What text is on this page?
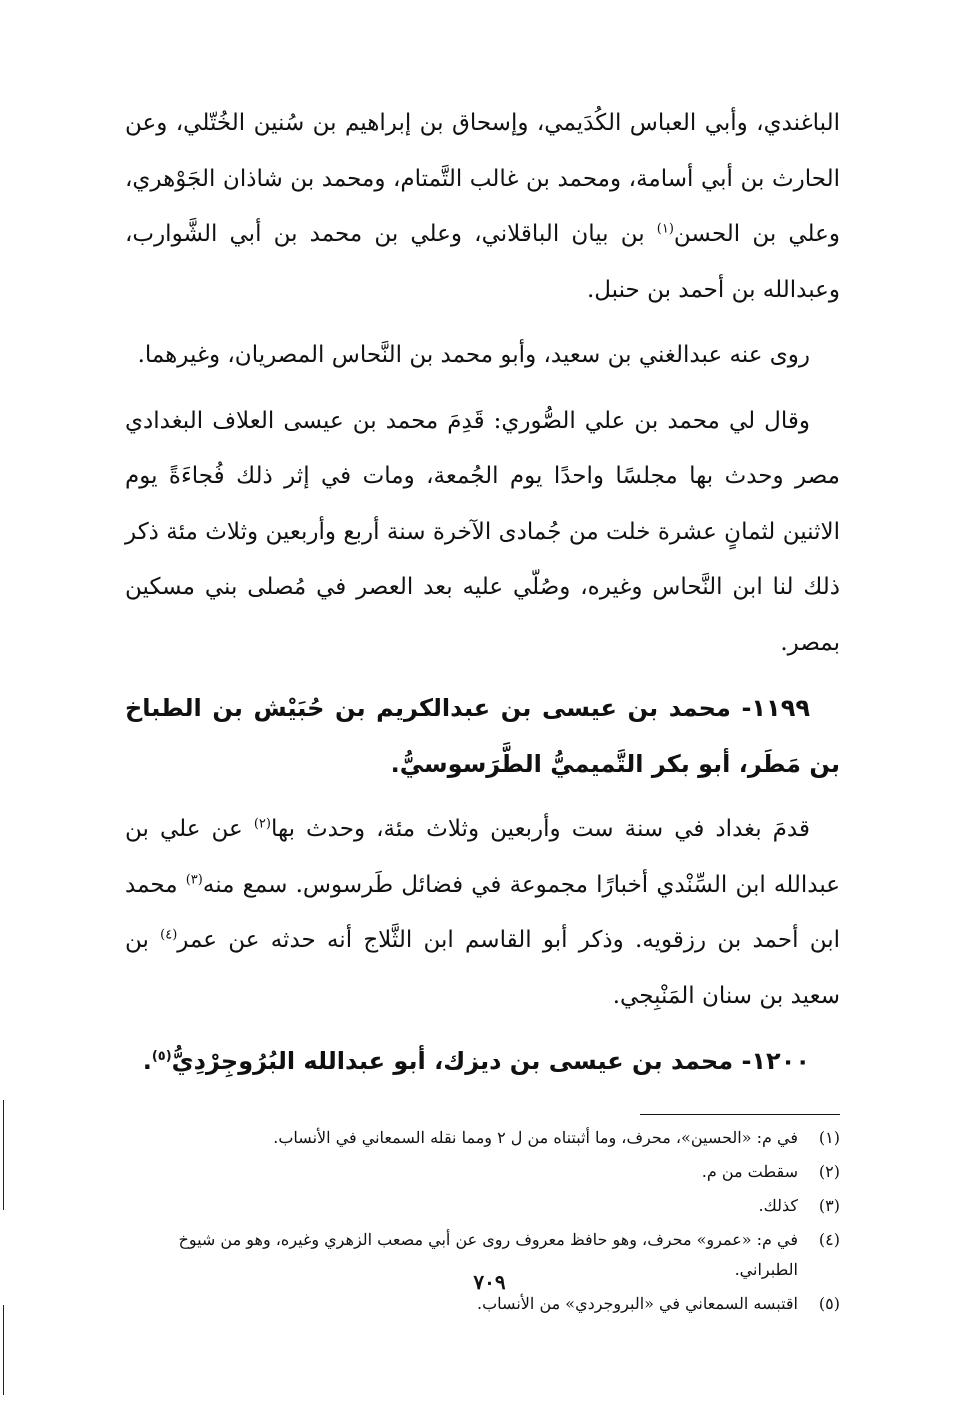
الباغندي، وأبي العباس الكُدَيمي، وإسحاق بن إبراهيم بن سُنين الخُتّلي، وعن الحارث بن أبي أسامة، ومحمد بن غالب التَّمتام، ومحمد بن شاذان الجَوْهري، وعلي بن الحسن$^{(١)}$ بن بيان الباقلاني، وعلي بن محمد بن أبي الشَّوارب، وعبدالله بن أحمد بن حنبل.

روى عنه عبدالغني بن سعيد، وأبو محمد بن النَّحاس المصريان، وغيرهما.

وقال لي محمد بن علي الصُّوري: قَدِمَ محمد بن عيسى العلاف البغدادي مصر وحدث بها مجلسًا واحدًا يوم الجُمعة، ومات في إثر ذلك فُجاءَةً يوم الاثنين لثمانٍ عشرة خلت من جُمادى الآخرة سنة أربع وأربعين وثلاث مئة ذكر ذلك لنا ابن النَّحاس وغيره، وصُلّي عليه بعد العصر في مُصلى بني مسكين بمصر.

١١٩٩- محمد بن عيسى بن عبدالكريم بن حُبَيْش بن الطباخ بن مَطَر، أبو بكر التَّميميُّ الطَّرَسوسيُّ.

قدمَ بغداد في سنة ست وأربعين وثلاث مئة، وحدث بها$^{(٢)}$ عن علي بن عبدالله ابن السِّنْدي أخبارًا مجموعة في فضائل طَرسوس. سمع منه$^{(٣)}$ محمد ابن أحمد بن رزقويه. وذكر أبو القاسم ابن الثَّلاج أنه حدثه عن عمر$^{(٤)}$ بن سعيد بن سنان المَنْبِجي.

١٢٠٠- محمد بن عيسى بن ديزك، أبو عبدالله البُرُوجِرْدِيُّ$^{(٥)}$.

(١)
في م: «الحسين»، محرف، وما أثبتناه من ل ٢ ومما نقله السمعاني في الأنساب.
(٢)
سقطت من م.
(٣)
كذلك.
(٤)
في م: «عمرو» محرف، وهو حافظ معروف روى عن أبي مصعب الزهري وغيره، وهو من شيوخ الطبراني.
(٥)
اقتبسه السمعاني في «البروجردي» من الأنساب.
٧٠٩
